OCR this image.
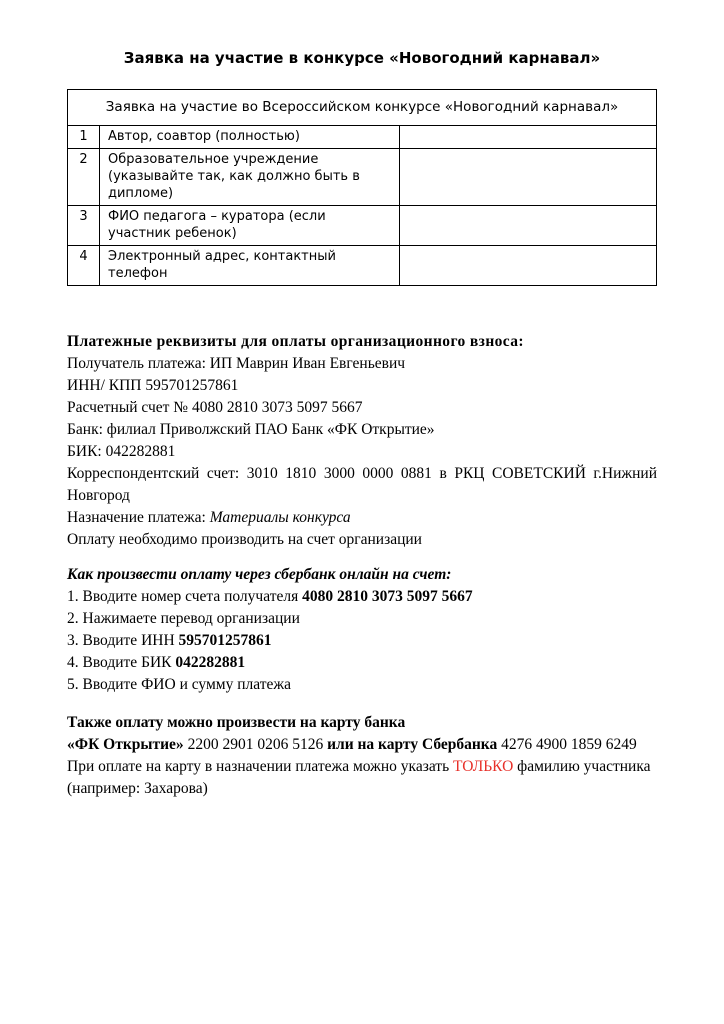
Заявка на участие в конкурсе «Новогодний карнавал»
Заявка на участие во Всероссийском конкурсе «Новогодний карнавал»		
1	Автор, соавтор (полностью)	
2	Образовательное учреждение (указывайте так, как должно быть в дипломе)	
3	ФИО педагога – куратора (если участник ребенок)	
4	Электронный адрес, контактный телефон	

Платежные реквизиты для оплаты организационного взноса:

Получатель платежа: ИП Маврин Иван Евгеньевич

ИНН/ КПП 595701257861

Расчетный счет № 4080 2810 3073 5097 5667

Банк: филиал Приволжский ПАО Банк «ФК Открытие»

БИК: 042282881

Корреспондентский счет: 3010 1810 3000 0000 0881 в РКЦ СОВЕТСКИЙ г.Нижний Новгород

Назначение платежа: Материалы конкурса

Оплату необходимо производить на счет организации

Как произвести оплату через сбербанк онлайн на счет:

1. Вводите номер счета получателя 4080 2810 3073 5097 5667

2. Нажимаете перевод организации

3. Вводите ИНН 595701257861

4. Вводите БИК 042282881

5. Вводите ФИО и сумму платежа

Также оплату можно произвести на карту банка

«ФК Открытие» 2200 2901 0206 5126 или на карту Сбербанка 4276 4900 1859 6249

При оплате на карту в назначении платежа можно указать ТОЛЬКО фамилию участника

(например: Захарова)
